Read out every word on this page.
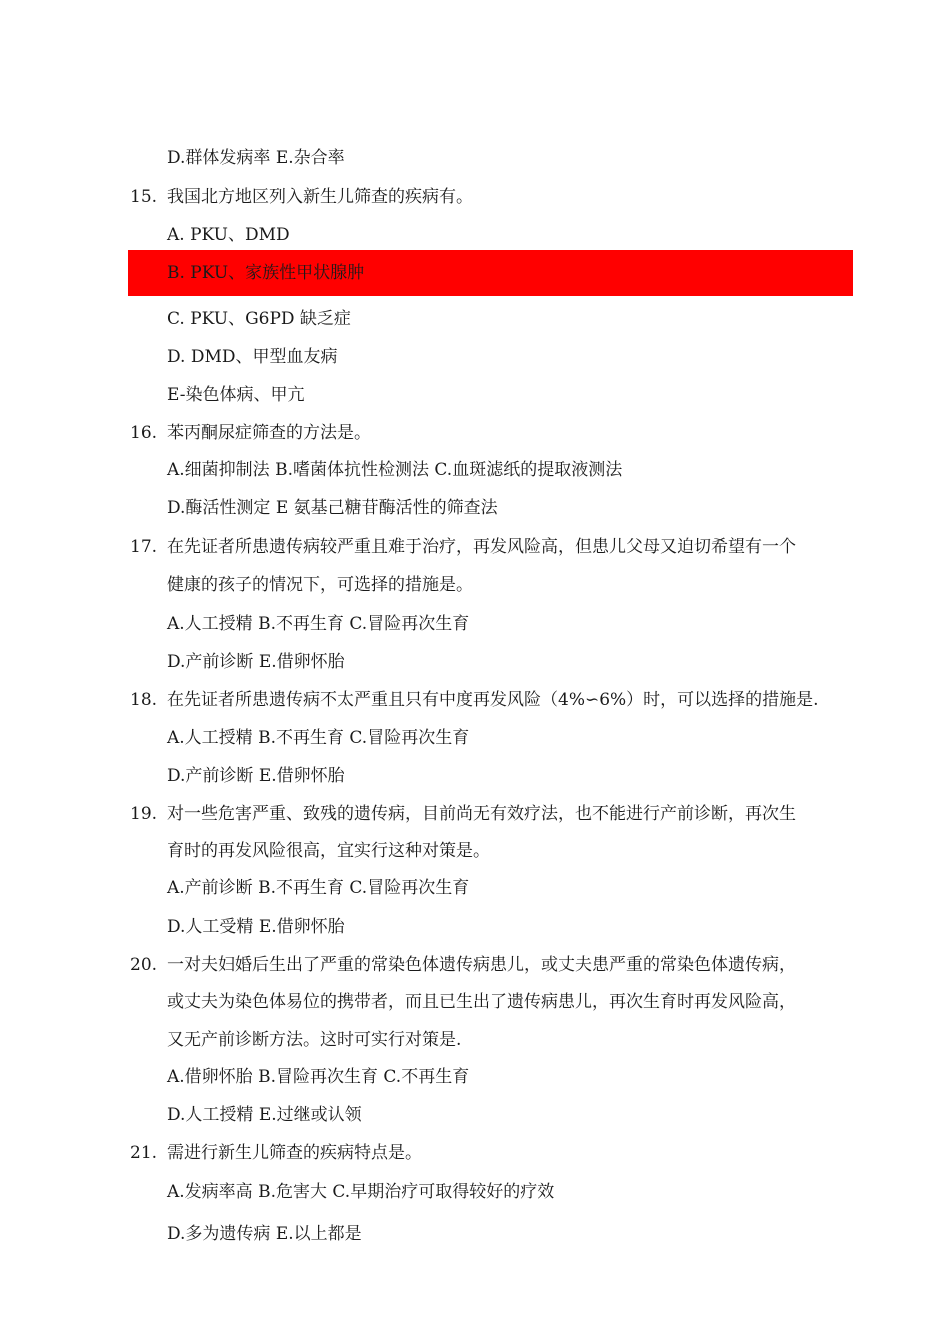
D.群体发病率 E.杂合率
15. 我国北方地区列入新生儿筛查的疾病有。
A. PKU、DMD
B. PKU、家族性甲状腺肿
C. PKU、G6PD 缺乏症
D. DMD、甲型血友病
E-染色体病、甲亢
16. 苯丙酮尿症筛查的方法是。
A.细菌抑制法 B.嗜菌体抗性检测法 C.血斑滤纸的提取液测法
D.酶活性测定 E 氨基己糖苷酶活性的筛查法
17. 在先证者所患遗传病较严重且难于治疗，再发风险高，但患儿父母又迫切希望有一个
健康的孩子的情况下，可选择的措施是。
A.人工授精 B.不再生育 C.冒险再次生育
D.产前诊断 E.借卵怀胎
18. 在先证者所患遗传病不太严重且只有中度再发风险（4%∽6%）时，可以选择的措施是.
A.人工授精 B.不再生育 C.冒险再次生育
D.产前诊断 E.借卵怀胎
19. 对一些危害严重、致残的遗传病，目前尚无有效疗法，也不能进行产前诊断，再次生
育时的再发风险很高，宜实行这种对策是。
A.产前诊断 B.不再生育 C.冒险再次生育
D.人工受精 E.借卵怀胎
20. 一对夫妇婚后生出了严重的常染色体遗传病患儿，或丈夫患严重的常染色体遗传病，
或丈夫为染色体易位的携带者，而且已生出了遗传病患儿，再次生育时再发风险高，
又无产前诊断方法。这时可实行对策是.
A.借卵怀胎 B.冒险再次生育 C.不再生育
D.人工授精 E.过继或认领
21. 需进行新生儿筛查的疾病特点是。
A.发病率高 B.危害大 C.早期治疗可取得较好的疗效
D.多为遗传病 E.以上都是
